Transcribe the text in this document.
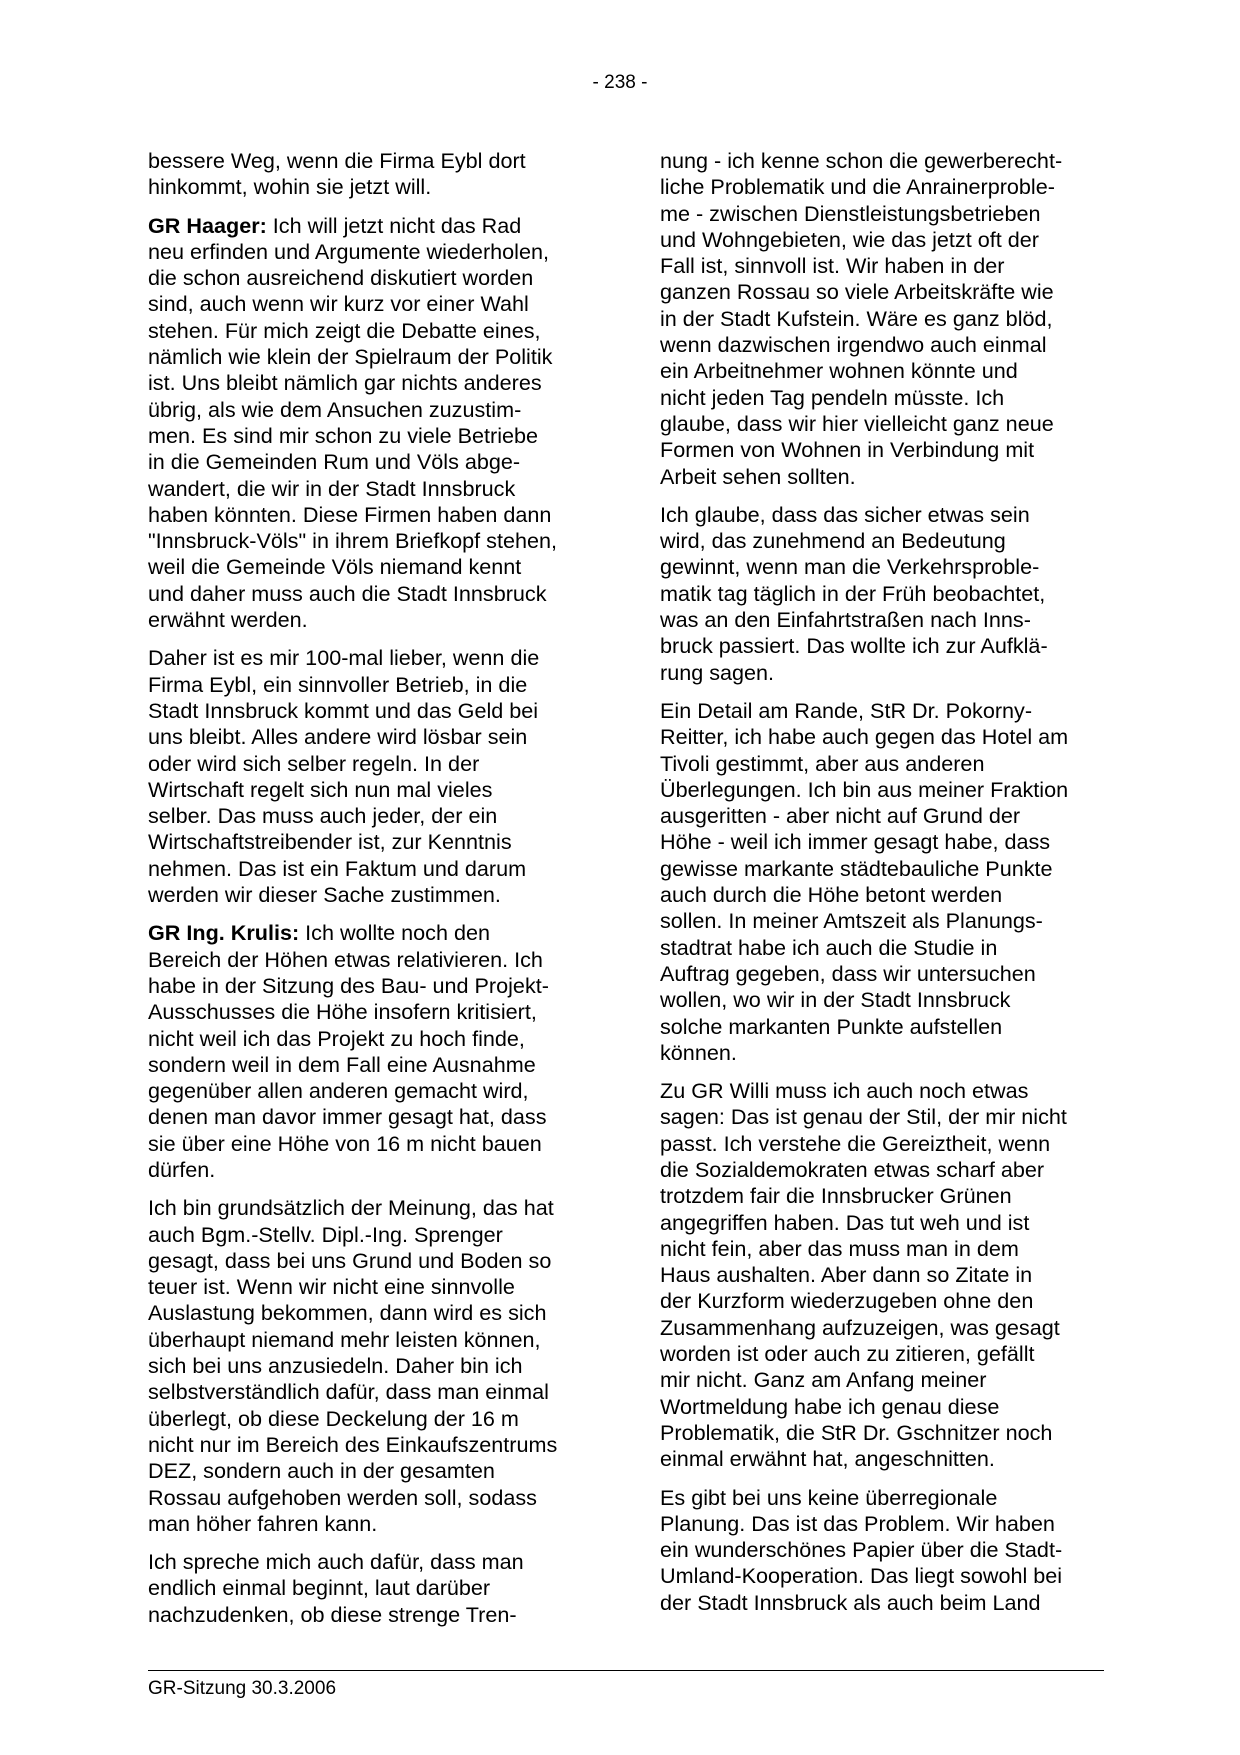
- 238 -

bessere Weg, wenn die Firma Eybl dort
hinkommt, wohin sie jetzt will.

GR Haager: Ich will jetzt nicht das Rad
neu erfinden und Argumente wiederholen,
die schon ausreichend diskutiert worden
sind, auch wenn wir kurz vor einer Wahl
stehen. Für mich zeigt die Debatte eines,
nämlich wie klein der Spielraum der Politik
ist. Uns bleibt nämlich gar nichts anderes
übrig, als wie dem Ansuchen zuzustim-
men. Es sind mir schon zu viele Betriebe
in die Gemeinden Rum und Völs abge-
wandert, die wir in der Stadt Innsbruck
haben könnten. Diese Firmen haben dann
"Innsbruck-Völs" in ihrem Briefkopf stehen,
weil die Gemeinde Völs niemand kennt
und daher muss auch die Stadt Innsbruck
erwähnt werden.

Daher ist es mir 100-mal lieber, wenn die
Firma Eybl, ein sinnvoller Betrieb, in die
Stadt Innsbruck kommt und das Geld bei
uns bleibt. Alles andere wird lösbar sein
oder wird sich selber regeln. In der
Wirtschaft regelt sich nun mal vieles
selber. Das muss auch jeder, der ein
Wirtschaftstreibender ist, zur Kenntnis
nehmen. Das ist ein Faktum und darum
werden wir dieser Sache zustimmen.

GR Ing. Krulis: Ich wollte noch den
Bereich der Höhen etwas relativieren. Ich
habe in der Sitzung des Bau- und Projekt-
Ausschusses die Höhe insofern kritisiert,
nicht weil ich das Projekt zu hoch finde,
sondern weil in dem Fall eine Ausnahme
gegenüber allen anderen gemacht wird,
denen man davor immer gesagt hat, dass
sie über eine Höhe von 16 m nicht bauen
dürfen.

Ich bin grundsätzlich der Meinung, das hat
auch Bgm.-Stellv. Dipl.-Ing. Sprenger
gesagt, dass bei uns Grund und Boden so
teuer ist. Wenn wir nicht eine sinnvolle
Auslastung bekommen, dann wird es sich
überhaupt niemand mehr leisten können,
sich bei uns anzusiedeln. Daher bin ich
selbstverständlich dafür, dass man einmal
überlegt, ob diese Deckelung der 16 m
nicht nur im Bereich des Einkaufszentrums
DEZ, sondern auch in der gesamten
Rossau aufgehoben werden soll, sodass
man höher fahren kann.

Ich spreche mich auch dafür, dass man
endlich einmal beginnt, laut darüber
nachzudenken, ob diese strenge Tren-

nung - ich kenne schon die gewerberecht-
liche Problematik und die Anrainerproble-
me - zwischen Dienstleistungsbetrieben
und Wohngebieten, wie das jetzt oft der
Fall ist, sinnvoll ist. Wir haben in der
ganzen Rossau so viele Arbeitskräfte wie
in der Stadt Kufstein. Wäre es ganz blöd,
wenn dazwischen irgendwo auch einmal
ein Arbeitnehmer wohnen könnte und
nicht jeden Tag pendeln müsste. Ich
glaube, dass wir hier vielleicht ganz neue
Formen von Wohnen in Verbindung mit
Arbeit sehen sollten.

Ich glaube, dass das sicher etwas sein
wird, das zunehmend an Bedeutung
gewinnt, wenn man die Verkehrsproble-
matik tag täglich in der Früh beobachtet,
was an den Einfahrtstraßen nach Inns-
bruck passiert. Das wollte ich zur Aufklä-
rung sagen.

Ein Detail am Rande, StR Dr. Pokorny-
Reitter, ich habe auch gegen das Hotel am
Tivoli gestimmt, aber aus anderen
Überlegungen. Ich bin aus meiner Fraktion
ausgeritten - aber nicht auf Grund der
Höhe - weil ich immer gesagt habe, dass
gewisse markante städtebauliche Punkte
auch durch die Höhe betont werden
sollen. In meiner Amtszeit als Planungs-
stadtrat habe ich auch die Studie in
Auftrag gegeben, dass wir untersuchen
wollen, wo wir in der Stadt Innsbruck
solche markanten Punkte aufstellen
können.

Zu GR Willi muss ich auch noch etwas
sagen: Das ist genau der Stil, der mir nicht
passt. Ich verstehe die Gereiztheit, wenn
die Sozialdemokraten etwas scharf aber
trotzdem fair die Innsbrucker Grünen
angegriffen haben. Das tut weh und ist
nicht fein, aber das muss man in dem
Haus aushalten. Aber dann so Zitate in
der Kurzform wiederzugeben ohne den
Zusammenhang aufzuzeigen, was gesagt
worden ist oder auch zu zitieren, gefällt
mir nicht. Ganz am Anfang meiner
Wortmeldung habe ich genau diese
Problematik, die StR Dr. Gschnitzer noch
einmal erwähnt hat, angeschnitten.

Es gibt bei uns keine überregionale
Planung. Das ist das Problem. Wir haben
ein wunderschönes Papier über die Stadt-
Umland-Kooperation. Das liegt sowohl bei
der Stadt Innsbruck als auch beim Land

GR-Sitzung 30.3.2006
